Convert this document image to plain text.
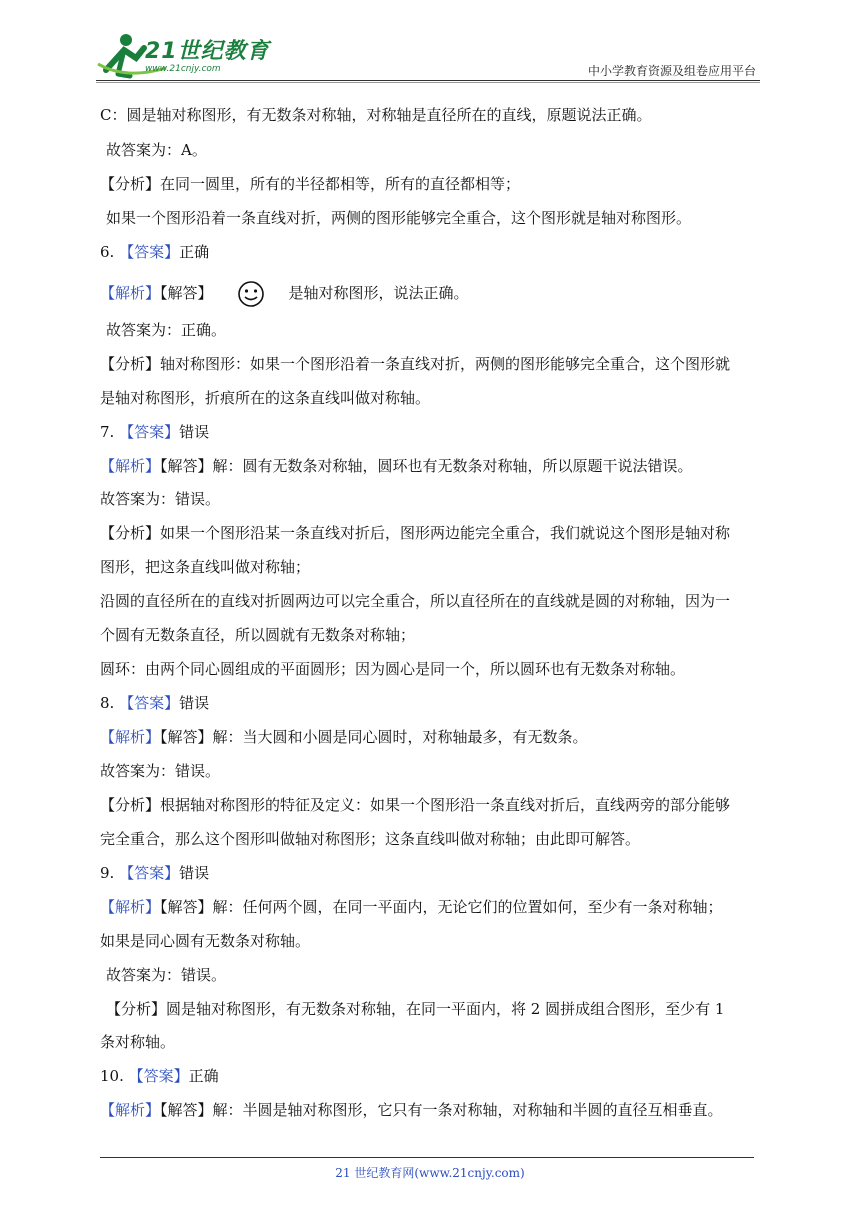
21世纪教育
www.21cnjy.com	中小学教育资源及组卷应用平台
C：圆是轴对称图形，有无数条对称轴，对称轴是直径所在的直线，原题说法正确。
故答案为：A。
【分析】在同一圆里，所有的半径都相等，所有的直径都相等；
如果一个图形沿着一条直线对折，两侧的图形能够完全重合，这个图形就是轴对称图形。
6. 【答案】正确
【解析】【解答】	是轴对称图形，说法正确。
故答案为：正确。
【分析】轴对称图形：如果一个图形沿着一条直线对折，两侧的图形能够完全重合，这个图形就
是轴对称图形，折痕所在的这条直线叫做对称轴。
7. 【答案】错误
【解析】【解答】解：圆有无数条对称轴，圆环也有无数条对称轴，所以原题干说法错误。
故答案为：错误。
【分析】如果一个图形沿某一条直线对折后，图形两边能完全重合，我们就说这个图形是轴对称
图形，把这条直线叫做对称轴；
沿圆的直径所在的直线对折圆两边可以完全重合，所以直径所在的直线就是圆的对称轴，因为一
个圆有无数条直径，所以圆就有无数条对称轴；
圆环：由两个同心圆组成的平面圆形；因为圆心是同一个，所以圆环也有无数条对称轴。
8. 【答案】错误
【解析】【解答】解：当大圆和小圆是同心圆时，对称轴最多，有无数条。
故答案为：错误。
【分析】根据轴对称图形的特征及定义：如果一个图形沿一条直线对折后，直线两旁的部分能够
完全重合，那么这个图形叫做轴对称图形；这条直线叫做对称轴；由此即可解答。
9. 【答案】错误
【解析】【解答】解：任何两个圆，在同一平面内，无论它们的位置如何，至少有一条对称轴；
如果是同心圆有无数条对称轴。
故答案为：错误。
【分析】圆是轴对称图形，有无数条对称轴，在同一平面内，将 2 圆拼成组合图形，至少有 1
条对称轴。
10. 【答案】正确
【解析】【解答】解：半圆是轴对称图形，它只有一条对称轴，对称轴和半圆的直径互相垂直。
21 世纪教育网(www.21cnjy.com)
